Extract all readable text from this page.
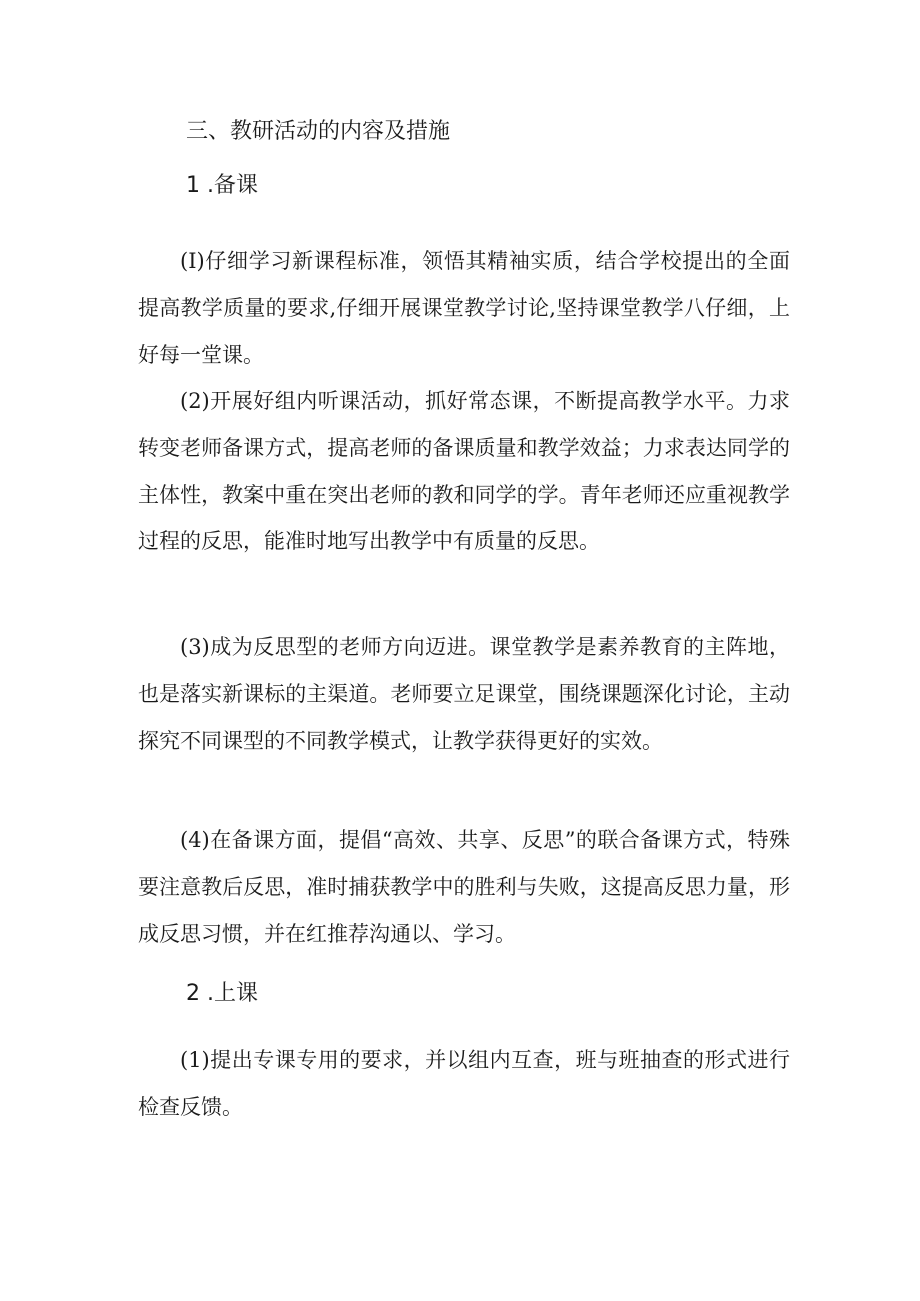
三、教研活动的内容及措施
1 .备课

(I)仔细学习新课程标准，领悟其精袖实质，结合学校提出的全面提高教学质量的要求,仔细开展课堂教学讨论,坚持课堂教学八仔细，上好每一堂课。

(2)开展好组内听课活动，抓好常态课，不断提高教学水平。力求转变老师备课方式，提高老师的备课质量和教学效益；力求表达同学的主体性，教案中重在突出老师的教和同学的学。青年老师还应重视教学过程的反思，能准时地写出教学中有质量的反思。

(3)成为反思型的老师方向迈进。课堂教学是素养教育的主阵地，也是落实新课标的主渠道。老师要立足课堂，围绕课题深化讨论，主动探究不同课型的不同教学模式，让教学获得更好的实效。

(4)在备课方面，提倡“高效、共享、反思”的联合备课方式，特殊要注意教后反思，准时捕获教学中的胜利与失败，这提高反思力量，形成反思习惯，并在红推荐沟通以、学习。

2 .上课

(1)提出专课专用的要求，并以组内互查，班与班抽查的形式进行检查反馈。
